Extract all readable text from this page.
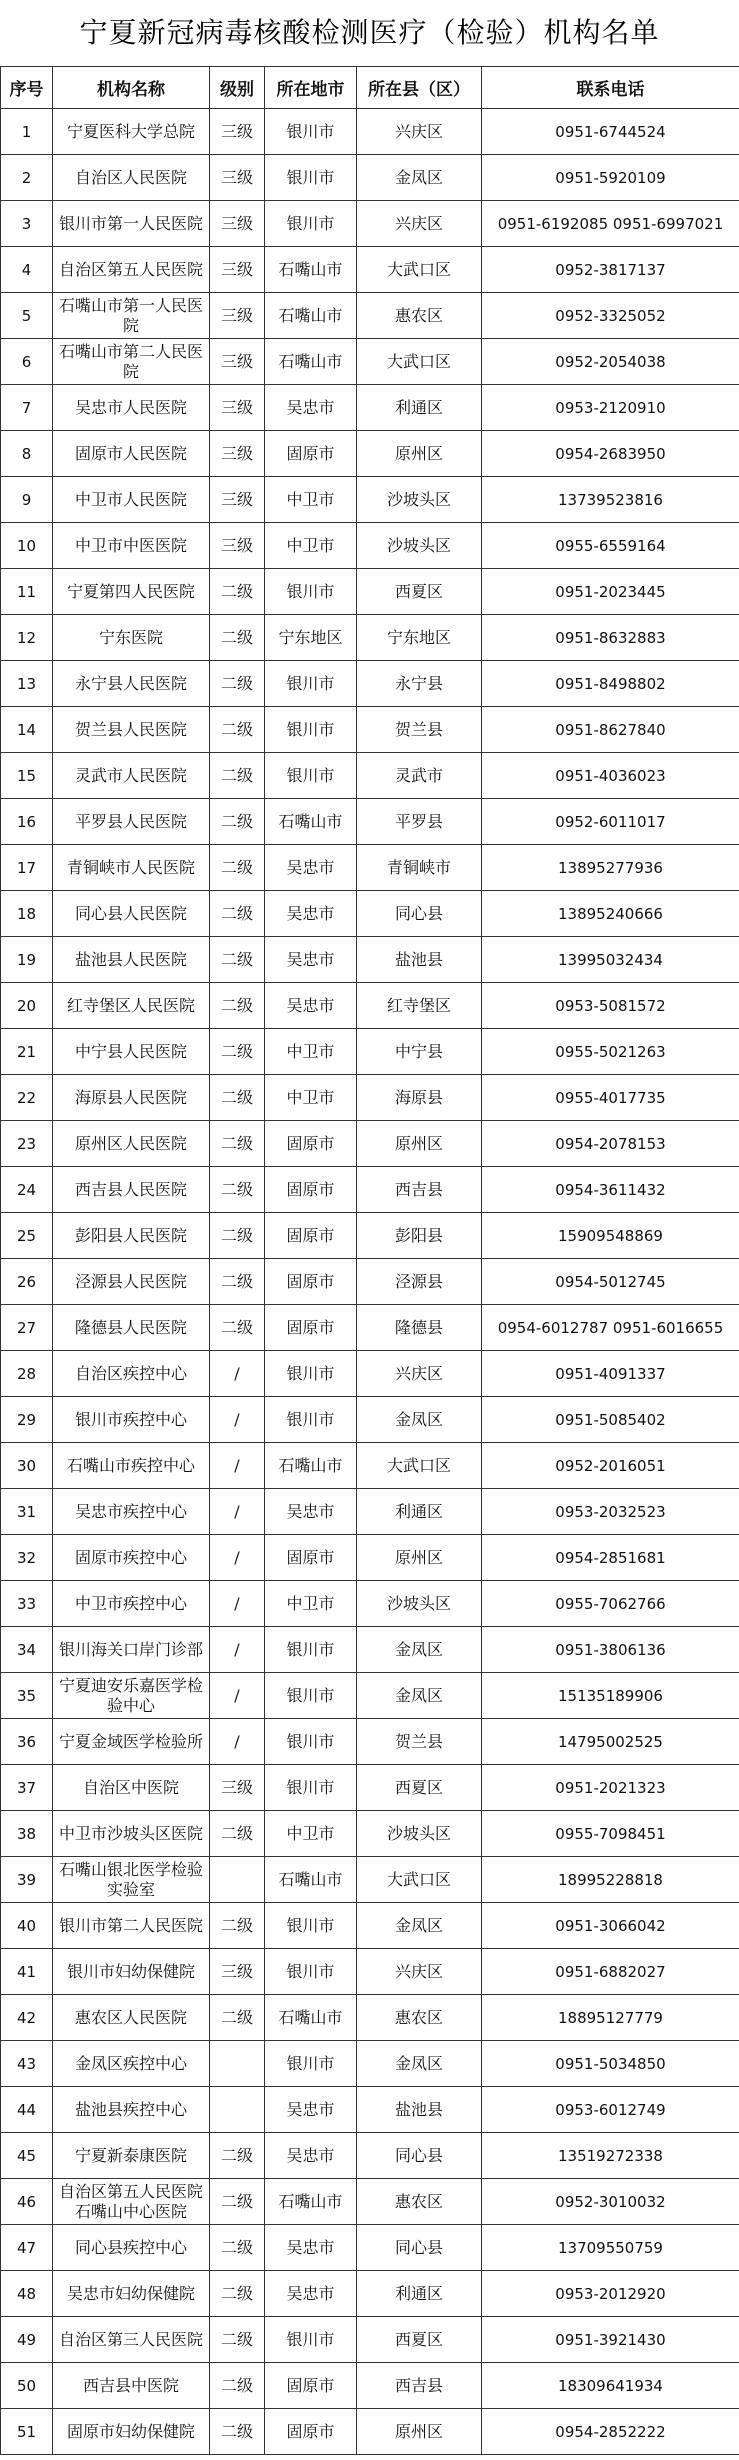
宁夏新冠病毒核酸检测医疗（检验）机构名单
序号	机构名称	级别	所在地市	所在县（区）	联系电话
1	宁夏医科大学总院	三级	银川市	兴庆区	0951-6744524
2	自治区人民医院	三级	银川市	金凤区	0951-5920109
3	银川市第一人民医院	三级	银川市	兴庆区	0951-6192085 0951-6997021
4	自治区第五人民医院	三级	石嘴山市	大武口区	0952-3817137
5	石嘴山市第一人民医院	三级	石嘴山市	惠农区	0952-3325052
6	石嘴山市第二人民医院	三级	石嘴山市	大武口区	0952-2054038
7	吴忠市人民医院	三级	吴忠市	利通区	0953-2120910
8	固原市人民医院	三级	固原市	原州区	0954-2683950
9	中卫市人民医院	三级	中卫市	沙坡头区	13739523816
10	中卫市中医医院	三级	中卫市	沙坡头区	0955-6559164
11	宁夏第四人民医院	二级	银川市	西夏区	0951-2023445
12	宁东医院	二级	宁东地区	宁东地区	0951-8632883
13	永宁县人民医院	二级	银川市	永宁县	0951-8498802
14	贺兰县人民医院	二级	银川市	贺兰县	0951-8627840
15	灵武市人民医院	二级	银川市	灵武市	0951-4036023
16	平罗县人民医院	二级	石嘴山市	平罗县	0952-6011017
17	青铜峡市人民医院	二级	吴忠市	青铜峡市	13895277936
18	同心县人民医院	二级	吴忠市	同心县	13895240666
19	盐池县人民医院	二级	吴忠市	盐池县	13995032434
20	红寺堡区人民医院	二级	吴忠市	红寺堡区	0953-5081572
21	中宁县人民医院	二级	中卫市	中宁县	0955-5021263
22	海原县人民医院	二级	中卫市	海原县	0955-4017735
23	原州区人民医院	二级	固原市	原州区	0954-2078153
24	西吉县人民医院	二级	固原市	西吉县	0954-3611432
25	彭阳县人民医院	二级	固原市	彭阳县	15909548869
26	泾源县人民医院	二级	固原市	泾源县	0954-5012745
27	隆德县人民医院	二级	固原市	隆德县	0954-6012787 0951-6016655
28	自治区疾控中心	/	银川市	兴庆区	0951-4091337
29	银川市疾控中心	/	银川市	金凤区	0951-5085402
30	石嘴山市疾控中心	/	石嘴山市	大武口区	0952-2016051
31	吴忠市疾控中心	/	吴忠市	利通区	0953-2032523
32	固原市疾控中心	/	固原市	原州区	0954-2851681
33	中卫市疾控中心	/	中卫市	沙坡头区	0955-7062766
34	银川海关口岸门诊部	/	银川市	金凤区	0951-3806136
35	宁夏迪安乐嘉医学检验中心	/	银川市	金凤区	15135189906
36	宁夏金域医学检验所	/	银川市	贺兰县	14795002525
37	自治区中医院	三级	银川市	西夏区	0951-2021323
38	中卫市沙坡头区医院	二级	中卫市	沙坡头区	0955-7098451
39	石嘴山银北医学检验实验室		石嘴山市	大武口区	18995228818
40	银川市第二人民医院	二级	银川市	金凤区	0951-3066042
41	银川市妇幼保健院	三级	银川市	兴庆区	0951-6882027
42	惠农区人民医院	二级	石嘴山市	惠农区	18895127779
43	金凤区疾控中心		银川市	金凤区	0951-5034850
44	盐池县疾控中心		吴忠市	盐池县	0953-6012749
45	宁夏新泰康医院	二级	吴忠市	同心县	13519272338
46	自治区第五人民医院石嘴山中心医院	二级	石嘴山市	惠农区	0952-3010032
47	同心县疾控中心	二级	吴忠市	同心县	13709550759
48	吴忠市妇幼保健院	二级	吴忠市	利通区	0953-2012920
49	自治区第三人民医院	二级	银川市	西夏区	0951-3921430
50	西吉县中医院	二级	固原市	西吉县	18309641934
51	固原市妇幼保健院	二级	固原市	原州区	0954-2852222
